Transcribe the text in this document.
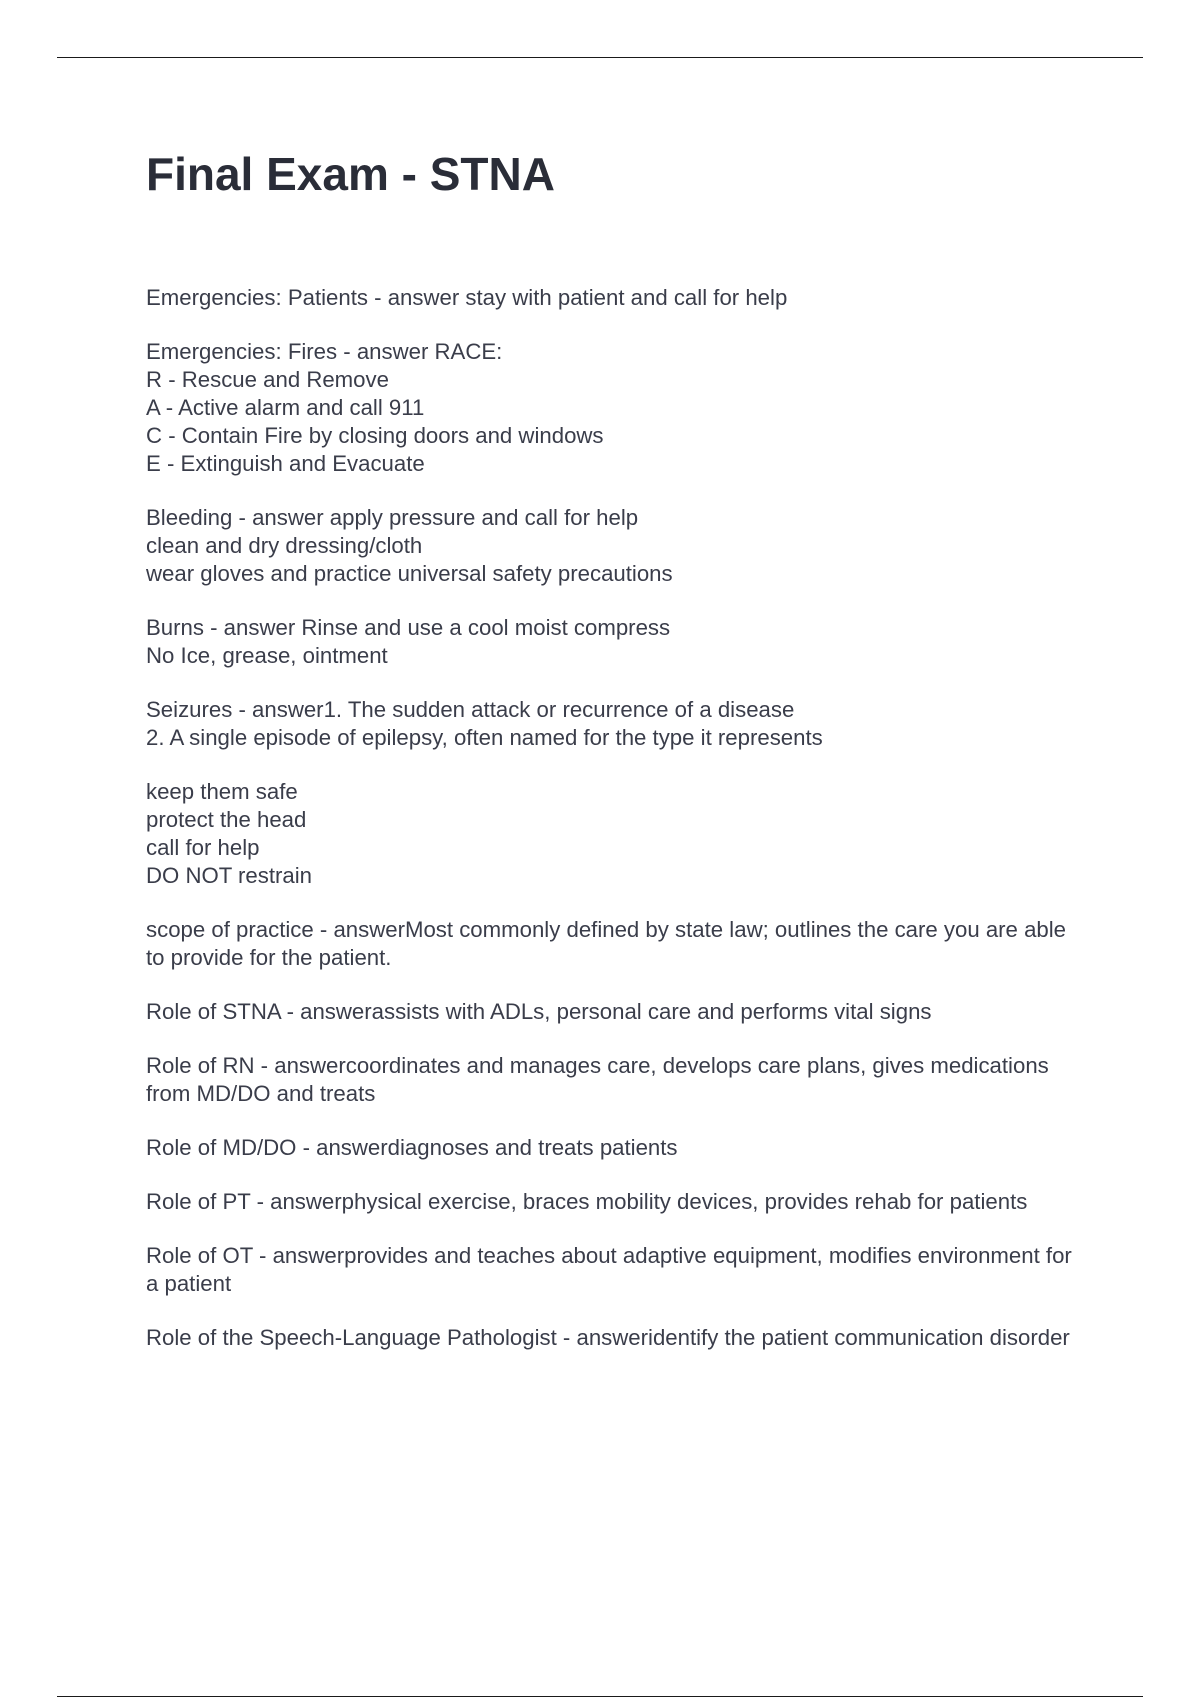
Final Exam - STNA

Emergencies: Patients - answer stay with patient and call for help

Emergencies: Fires - answer RACE:
R - Rescue and Remove
A - Active alarm and call 911
C - Contain Fire by closing doors and windows
E - Extinguish and Evacuate

Bleeding - answer apply pressure and call for help
clean and dry dressing/cloth
wear gloves and practice universal safety precautions

Burns - answer Rinse and use a cool moist compress
No Ice, grease, ointment

Seizures - answer1. The sudden attack or recurrence of a disease
2. A single episode of epilepsy, often named for the type it represents

keep them safe
protect the head
call for help
DO NOT restrain

scope of practice - answerMost commonly defined by state law; outlines the care you are able to provide for the patient.

Role of STNA - answerassists with ADLs, personal care and performs vital signs

Role of RN - answercoordinates and manages care, develops care plans, gives medications from MD/DO and treats

Role of MD/DO - answerdiagnoses and treats patients

Role of PT - answerphysical exercise, braces mobility devices, provides rehab for patients

Role of OT - answerprovides and teaches about adaptive equipment, modifies environment for a patient

Role of the Speech-Language Pathologist - answeridentify the patient communication disorder
